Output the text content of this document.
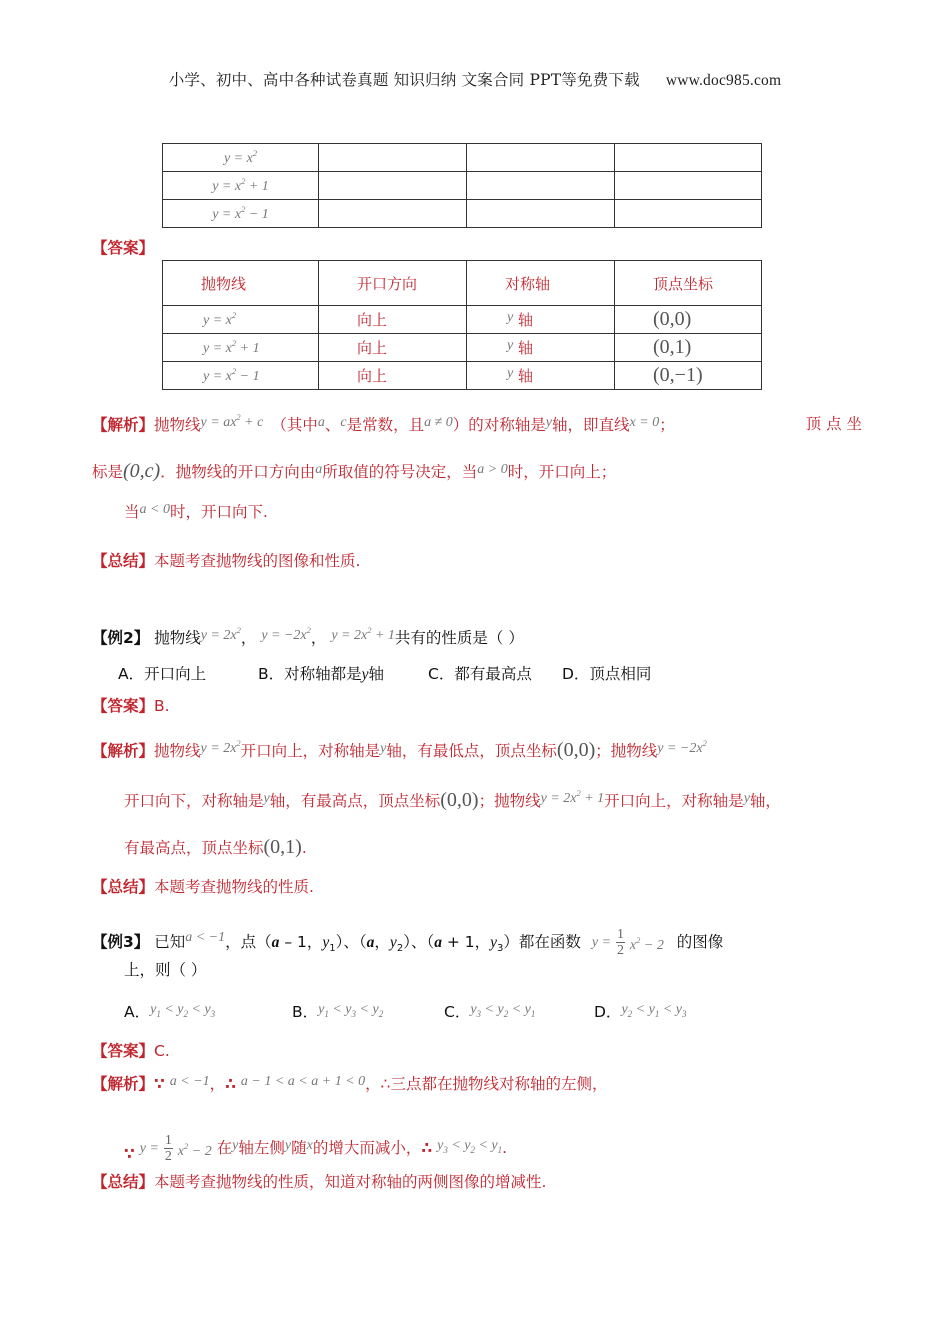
小学、初中、高中各种试卷真题 知识归纳 文案合同 PPT等免费下载 www.doc985.com
$y = x^2$			
$y = x^2 + 1$			
$y = x^2 - 1$			
【答案】
抛物线	开口方向	对称轴	顶点坐标
$y = x^2$	向上	y 轴	(0,0)
$y = x^2 + 1$	向上	y 轴	(0,1)
$y = x^2 - 1$	向上	y 轴	(0,−1)
【解析】抛物线$y = ax^2 + c$ （其中a、c是常数，且a ≠ 0）的对称轴是y轴，即直线x = 0；	顶 点 坐
标是(0,c)．抛物线的开口方向由a所取值的符号决定，当a > 0时，开口向上；
当a < 0时，开口向下.
【总结】本题考查抛物线的图像和性质.
【例2】 抛物线$y = 2x^2$， $y = -2x^2$， $y = 2x^2 + 1$共有的性质是（ ）
A．开口向上	B．对称轴都是y轴	C．都有最高点 D．顶点相同
【答案】B.
【解析】抛物线$y = 2x^2$开口向上，对称轴是y轴，有最低点，顶点坐标(0,0)；抛物线$y = -2x^2$
开口向下，对称轴是y轴，有最高点，顶点坐标(0,0)；抛物线$y = 2x^2 + 1$开口向上，对称轴是y轴，
有最高点，顶点坐标(0,1).
【总结】本题考查抛物线的性质.
【例3】 已知a < −1，点（a – 1，$y_1$）、（a，$y_2$）、（a + 1，$y_3$）都在函数 $y = \frac{1}{2} x^2 - 2$ 的图像
上，则（ ）
A．$y_1 < y_2 < y_3$	B．$y_1 < y_3 < y_2$	C．$y_3 < y_2 < y_1$	D．$y_2 < y_1 < y_3$
【答案】C.
【解析】∵ a < −1，∴ a − 1 < a < a + 1 < 0，∴三点都在抛物线对称轴的左侧，
∵ $y = \frac{1}{2} x^2 - 2$ 在y轴左侧y随x的增大而减小，∴ $y_3 < y_2 < y_1$.
【总结】本题考查抛物线的性质，知道对称轴的两侧图像的增减性.
